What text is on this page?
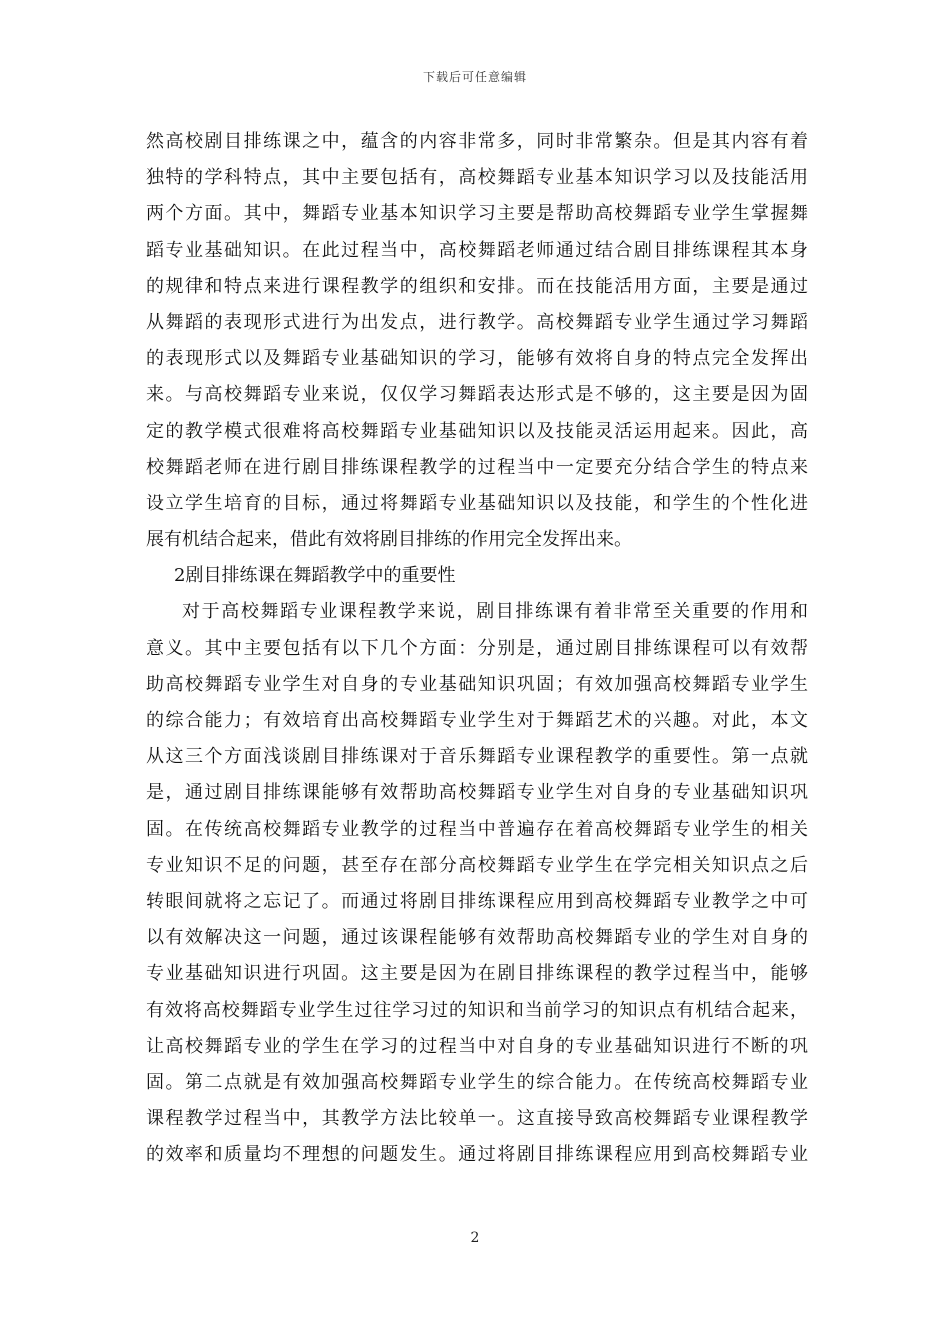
下载后可任意编辑
然高校剧目排练课之中，蕴含的内容非常多，同时非常繁杂。但是其内容有着
独特的学科特点，其中主要包括有，高校舞蹈专业基本知识学习以及技能活用
两个方面。其中，舞蹈专业基本知识学习主要是帮助高校舞蹈专业学生掌握舞
蹈专业基础知识。在此过程当中，高校舞蹈老师通过结合剧目排练课程其本身
的规律和特点来进行课程教学的组织和安排。而在技能活用方面，主要是通过
从舞蹈的表现形式进行为出发点，进行教学。高校舞蹈专业学生通过学习舞蹈
的表现形式以及舞蹈专业基础知识的学习，能够有效将自身的特点完全发挥出
来。与高校舞蹈专业来说，仅仅学习舞蹈表达形式是不够的，这主要是因为固
定的教学模式很难将高校舞蹈专业基础知识以及技能灵活运用起来。因此，高
校舞蹈老师在进行剧目排练课程教学的过程当中一定要充分结合学生的特点来
设立学生培育的目标，通过将舞蹈专业基础知识以及技能，和学生的个性化进
展有机结合起来，借此有效将剧目排练的作用完全发挥出来。
2剧目排练课在舞蹈教学中的重要性
对于高校舞蹈专业课程教学来说，剧目排练课有着非常至关重要的作用和
意义。其中主要包括有以下几个方面：分别是，通过剧目排练课程可以有效帮
助高校舞蹈专业学生对自身的专业基础知识巩固；有效加强高校舞蹈专业学生
的综合能力；有效培育出高校舞蹈专业学生对于舞蹈艺术的兴趣。对此，本文
从这三个方面浅谈剧目排练课对于音乐舞蹈专业课程教学的重要性。第一点就
是，通过剧目排练课能够有效帮助高校舞蹈专业学生对自身的专业基础知识巩
固。在传统高校舞蹈专业教学的过程当中普遍存在着高校舞蹈专业学生的相关
专业知识不足的问题，甚至存在部分高校舞蹈专业学生在学完相关知识点之后
转眼间就将之忘记了。而通过将剧目排练课程应用到高校舞蹈专业教学之中可
以有效解决这一问题，通过该课程能够有效帮助高校舞蹈专业的学生对自身的
专业基础知识进行巩固。这主要是因为在剧目排练课程的教学过程当中，能够
有效将高校舞蹈专业学生过往学习过的知识和当前学习的知识点有机结合起来，
让高校舞蹈专业的学生在学习的过程当中对自身的专业基础知识进行不断的巩
固。第二点就是有效加强高校舞蹈专业学生的综合能力。在传统高校舞蹈专业
课程教学过程当中，其教学方法比较单一。这直接导致高校舞蹈专业课程教学
的效率和质量均不理想的问题发生。通过将剧目排练课程应用到高校舞蹈专业
2
